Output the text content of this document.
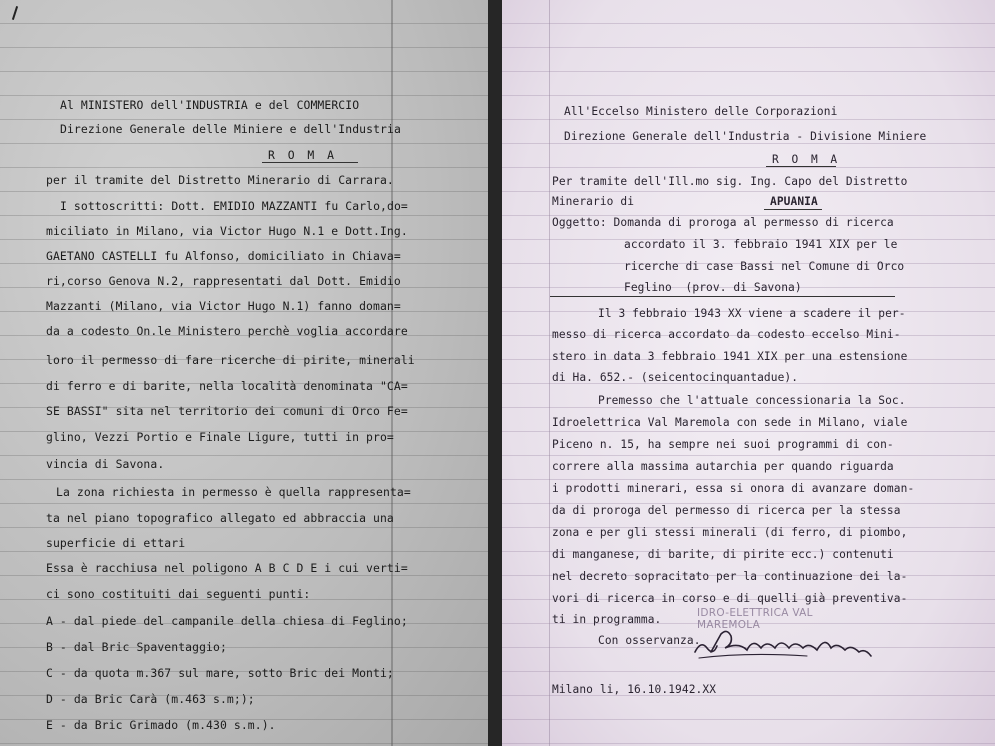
Al MINISTERO dell'INDUSTRIA e del COMMERCIO
Direzione Generale delle Miniere e dell'Industria
R O M A
per il tramite del Distretto Minerario di Carrara.
I sottoscritti: Dott. EMIDIO MAZZANTI fu Carlo,do=
miciliato in Milano, via Victor Hugo N.1 e Dott.Ing.
GAETANO CASTELLI fu Alfonso, domiciliato in Chiava=
ri,corso Genova N.2, rappresentati dal Dott. Emidio
Mazzanti (Milano, via Victor Hugo N.1) fanno doman=
da a codesto On.le Ministero perchè voglia accordare
loro il permesso di fare ricerche di pirite, minerali
di ferro e di barite, nella località denominata "CA=
SE BASSI" sita nel territorio dei comuni di Orco Fe=
glino, Vezzi Portio e Finale Ligure, tutti in pro=
vincia di Savona.
La zona richiesta in permesso è quella rappresenta=
ta nel piano topografico allegato ed abbraccia una
superficie di ettari
Essa è racchiusa nel poligono A B C D E i cui verti=
ci sono costituiti dai seguenti punti:
A - dal piede del campanile della chiesa di Feglino;
B - dal Bric Spaventaggio;
C - da quota m.367 sul mare, sotto Bric dei Monti;
D - da Bric Carà (m.463 s.m;);
E - da Bric Grimado (m.430 s.m.).
All'Eccelso Ministero delle Corporazioni
Direzione Generale dell'Industria - Divisione Miniere
R O M A
Per tramite dell'Ill.mo sig. Ing. Capo del Distretto
Minerario di	APUANIA
Oggetto: Domanda di proroga al permesso di ricerca
accordato il 3. febbraio 1941 XIX per le
ricerche di case Bassi nel Comune di Orco
Feglino  (prov. di Savona)
Il 3 febbraio 1943 XX viene a scadere il per-
messo di ricerca accordato da codesto eccelso Mini-
stero in data 3 febbraio 1941 XIX per una estensione
di Ha. 652.- (seicentocinquantadue).
Premesso che l'attuale concessionaria la Soc.
Idroelettrica Val Maremola con sede in Milano, viale
Piceno n. 15, ha sempre nei suoi programmi di con-
correre alla massima autarchia per quando riguarda
i prodotti minerari, essa si onora di avanzare doman-
da di proroga del permesso di ricerca per la stessa
zona e per gli stessi minerali (di ferro, di piombo,
di manganese, di barite, di pirite ecc.) contenuti
nel decreto sopracitato per la continuazione dei la-
vori di ricerca in corso e di quelli già preventiva-
ti in programma.	IDRO-ELETTRICA VAL MAREMOLA
Con osservanza.
Milano li, 16.10.1942.XX
